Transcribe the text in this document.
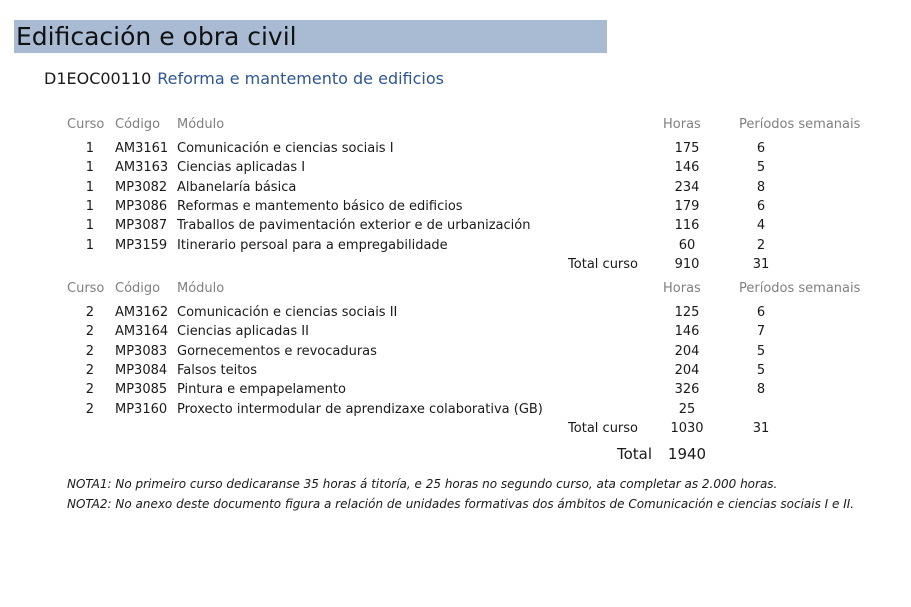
Edificación e obra civil
D1EOC00110 Reforma e mantemento de edificios
Curso Código Módulo	Horas	Períodos semanais
1 AM3161 Comunicación e ciencias sociais I	175	6
1 AM3163 Ciencias aplicadas I	146	5
1 MP3082 Albanelaría básica	234	8
1 MP3086 Reformas e mantemento básico de edificios	179	6
1 MP3087 Traballos de pavimentación exterior e de urbanización	116	4
1 MP3159 Itinerario persoal para a empregabilidade	60	2
Total curso	910	31
Curso Código Módulo	Horas	Períodos semanais
2 AM3162 Comunicación e ciencias sociais II	125	6
2 AM3164 Ciencias aplicadas II	146	7
2 MP3083 Gornecementos e revocaduras	204	5
2 MP3084 Falsos teitos	204	5
2 MP3085 Pintura e empapelamento	326	8
2 MP3160 Proxecto intermodular de aprendizaxe colaborativa (GB)	25
Total curso	1030	31
Total	1940
NOTA1: No primeiro curso dedicaranse 35 horas á titoría, e 25 horas no segundo curso, ata completar as 2.000 horas.
NOTA2: No anexo deste documento figura a relación de unidades formativas dos ámbitos de Comunicación e ciencias sociais I e II.
